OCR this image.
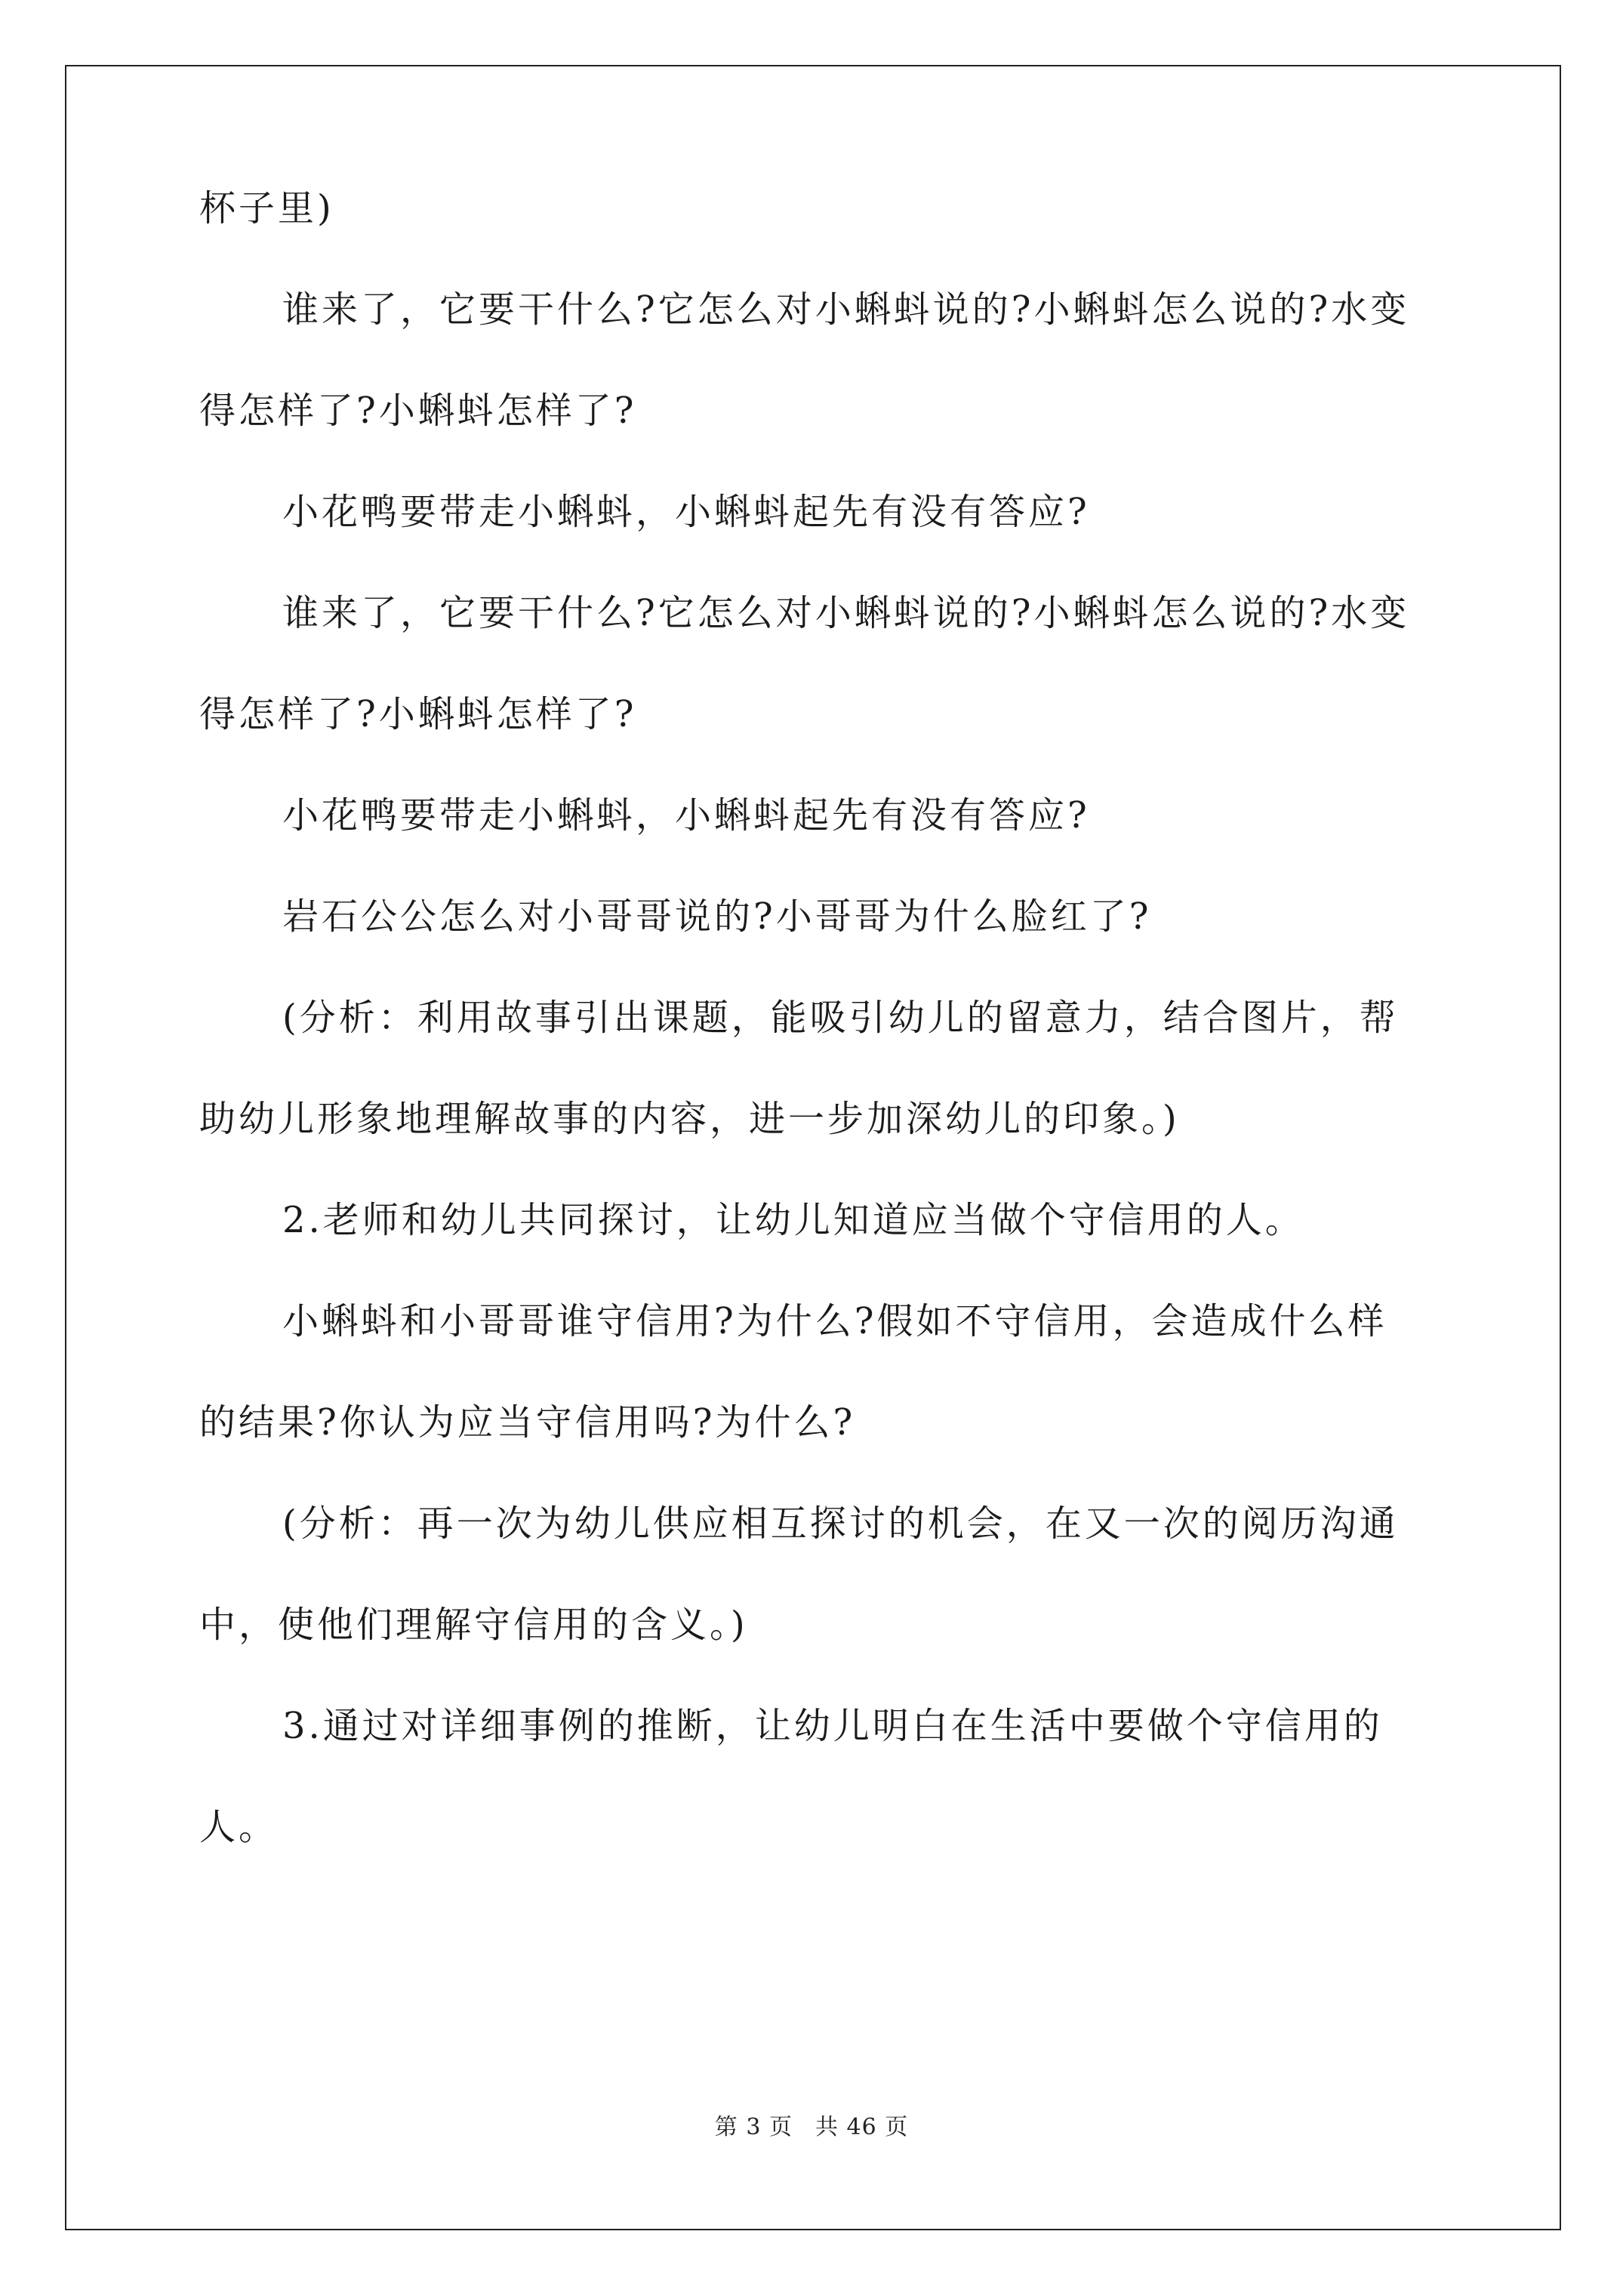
杯子里)
谁来了，它要干什么?它怎么对小蝌蚪说的?小蝌蚪怎么说的?水变
得怎样了?小蝌蚪怎样了?
小花鸭要带走小蝌蚪，小蝌蚪起先有没有答应?
谁来了，它要干什么?它怎么对小蝌蚪说的?小蝌蚪怎么说的?水变
得怎样了?小蝌蚪怎样了?
小花鸭要带走小蝌蚪，小蝌蚪起先有没有答应?
岩石公公怎么对小哥哥说的?小哥哥为什么脸红了?
(分析：利用故事引出课题，能吸引幼儿的留意力，结合图片，帮
助幼儿形象地理解故事的内容，进一步加深幼儿的印象。)
2.老师和幼儿共同探讨，让幼儿知道应当做个守信用的人。
小蝌蚪和小哥哥谁守信用?为什么?假如不守信用，会造成什么样
的结果?你认为应当守信用吗?为什么?
(分析：再一次为幼儿供应相互探讨的机会，在又一次的阅历沟通
中，使他们理解守信用的含义。)
3.通过对详细事例的推断，让幼儿明白在生活中要做个守信用的
人。
第 3 页 共 46 页
